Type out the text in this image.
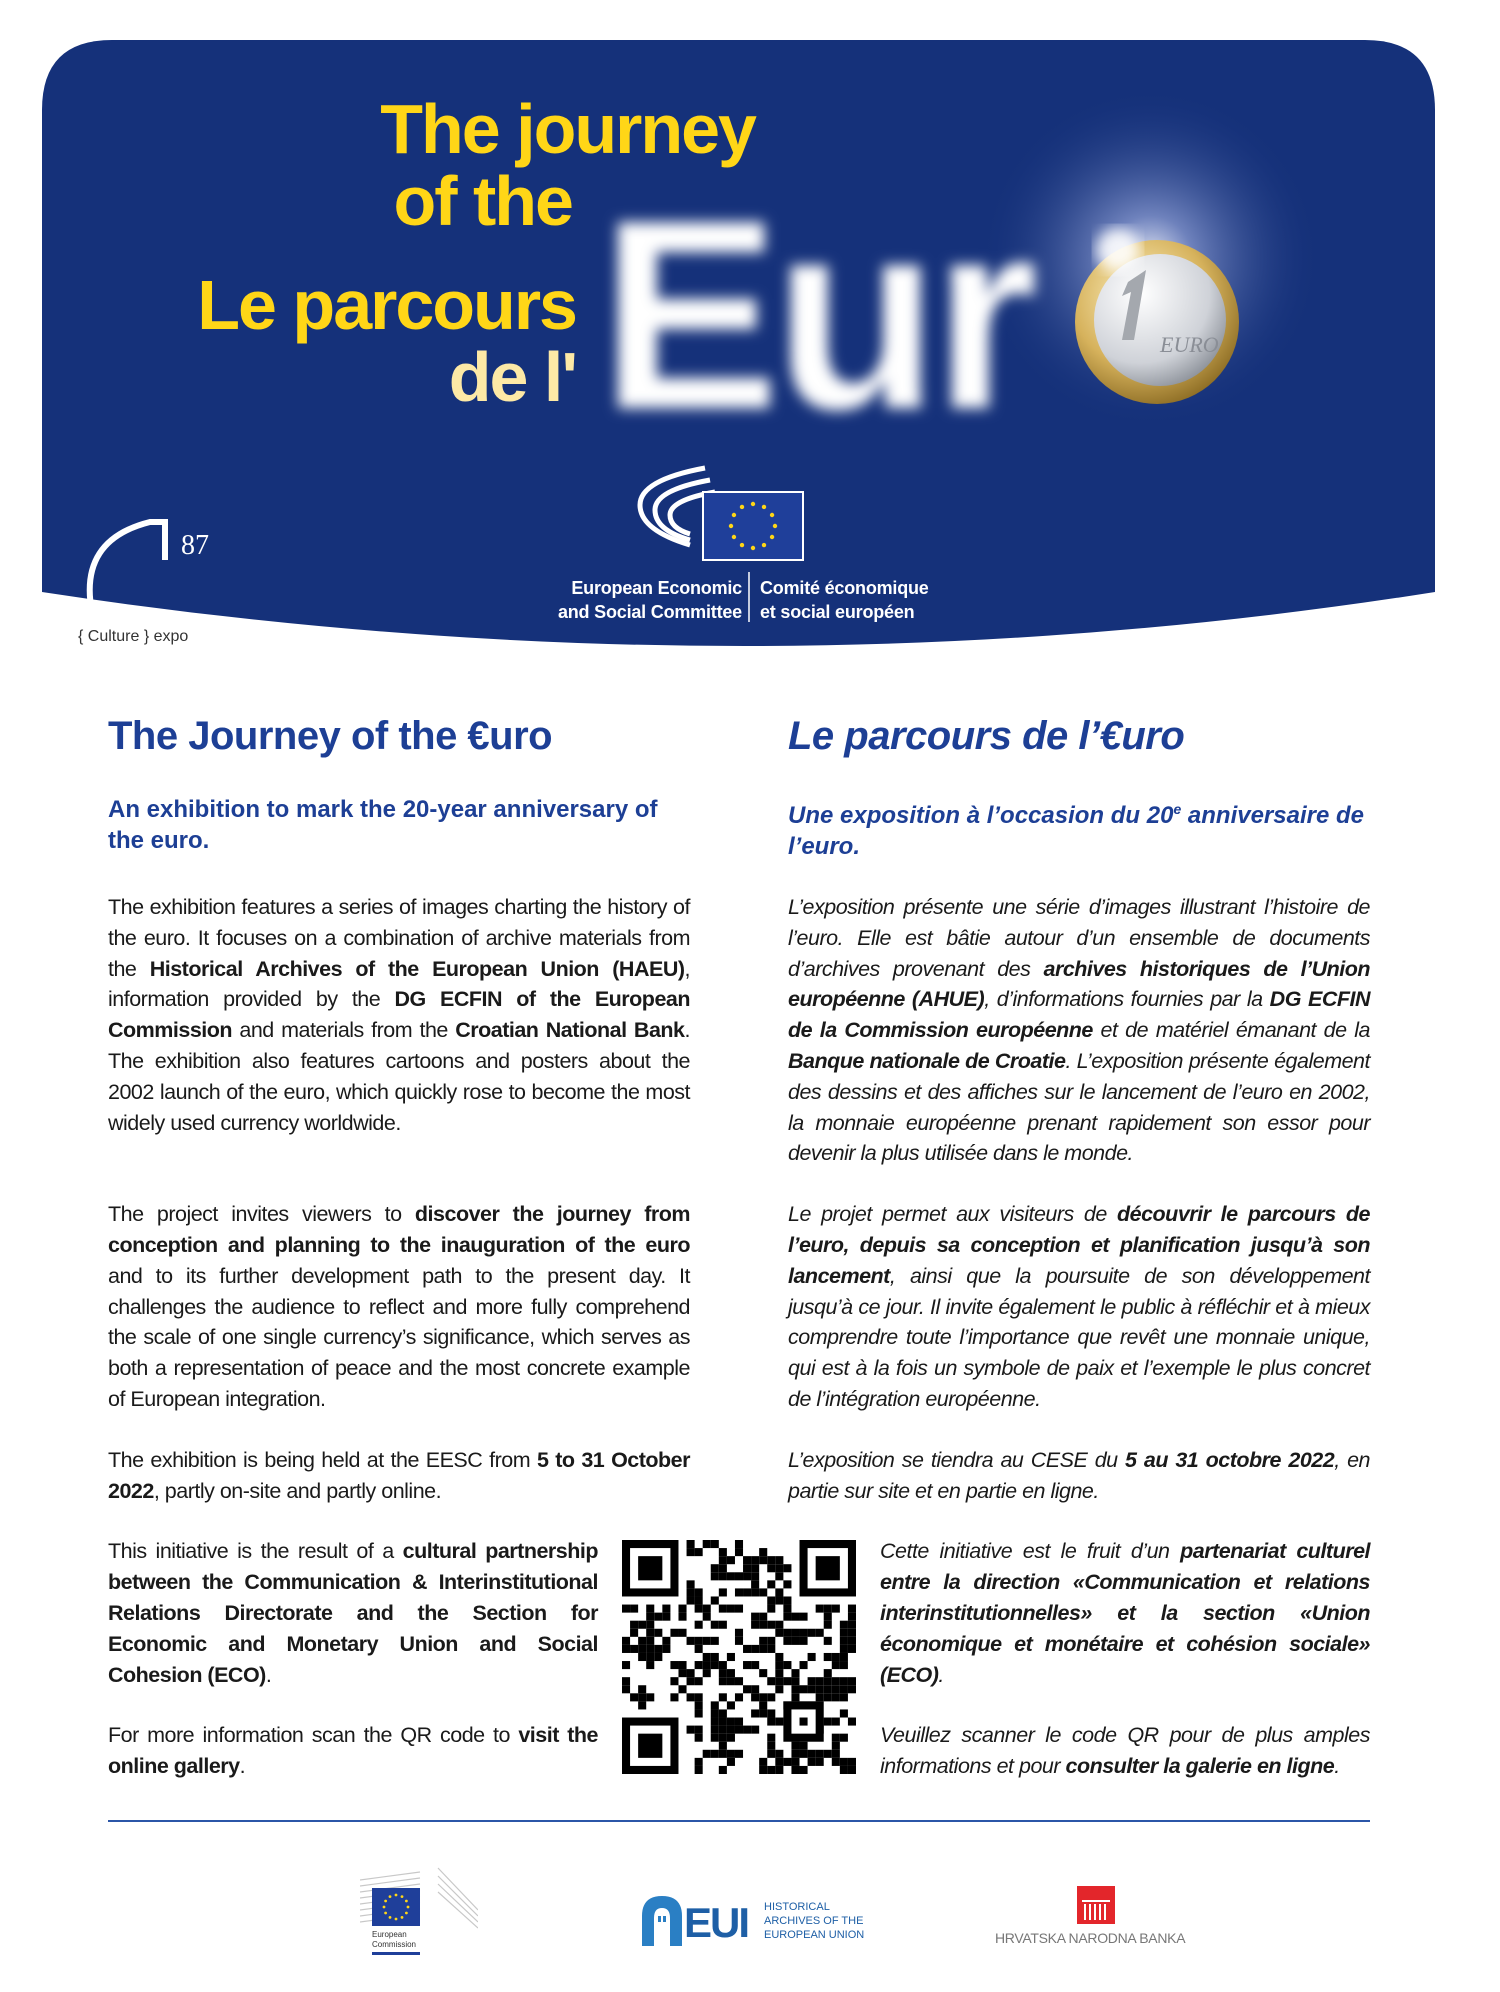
Eur	EURO
The journey
of the
Le parcours
de l'
87
{ Culture } expo
European Economic
and Social Committee
Comité économique
et social européen
The Journey of the €uro	Le parcours de l’€uro
An exhibition to mark the 20-year anniversary of the euro.
Une exposition à l’occasion du 20e anniversaire de l’euro.

The exhibition features a series of images charting the history of the euro. It focuses on a combination of archive materials from the Historical Archives of the European Union (HAEU), information provided by the DG ECFIN of the European Commission and materials from the Croatian National Bank. The exhibition also features cartoons and posters about the 2002 launch of the euro, which quickly rose to become the most widely used currency worldwide.

L’exposition présente une série d’images illustrant l’histoire de l’euro. Elle est bâtie autour d’un ensemble de documents d’archives provenant des archives historiques de l’Union européenne (AHUE), d’informations fournies par la DG ECFIN de la Commission européenne et de matériel émanant de la Banque nationale de Croatie. L’exposition présente également des dessins et des affiches sur le lancement de l’euro en 2002, la monnaie européenne prenant rapidement son essor pour devenir la plus utilisée dans le monde.

The project invites viewers to discover the journey from conception and planning to the inauguration of the euro and to its further development path to the present day. It challenges the audience to reflect and more fully comprehend the scale of one single currency’s significance, which serves as both a representation of peace and the most concrete example of European integration.

Le projet permet aux visiteurs de découvrir le parcours de l’euro, depuis sa conception et planification jusqu’à son lancement, ainsi que la poursuite de son développement jusqu’à ce jour. Il invite également le public à réfléchir et à mieux comprendre toute l’importance que revêt une monnaie unique, qui est à la fois un symbole de paix et l’exemple le plus concret de l’intégration européenne.

The exhibition is being held at the EESC from 5 to 31 October 2022, partly on-site and partly online.

L’exposition se tiendra au CESE du 5 au 31 octobre 2022, en partie sur site et en partie en ligne.

This initiative is the result of a cultural partnership between the Communication & Interinstitutional Relations Directorate and the Section for Economic and Monetary Union and Social Cohesion (ECO).

For more information scan the QR code to visit the online gallery.

Cette initiative est le fruit d’un partenariat culturel entre la direction «Communication et relations interinstitutionnelles» et la section «Union économique et monétaire et cohésion sociale» (ECO).

Veuillez scanner le code QR pour de plus amples informations et pour consulter la galerie en ligne.

European
Commission	EUI HISTORICAL
ARCHIVES OF THE
EUROPEAN UNION	HRVATSKA NARODNA BANKA
